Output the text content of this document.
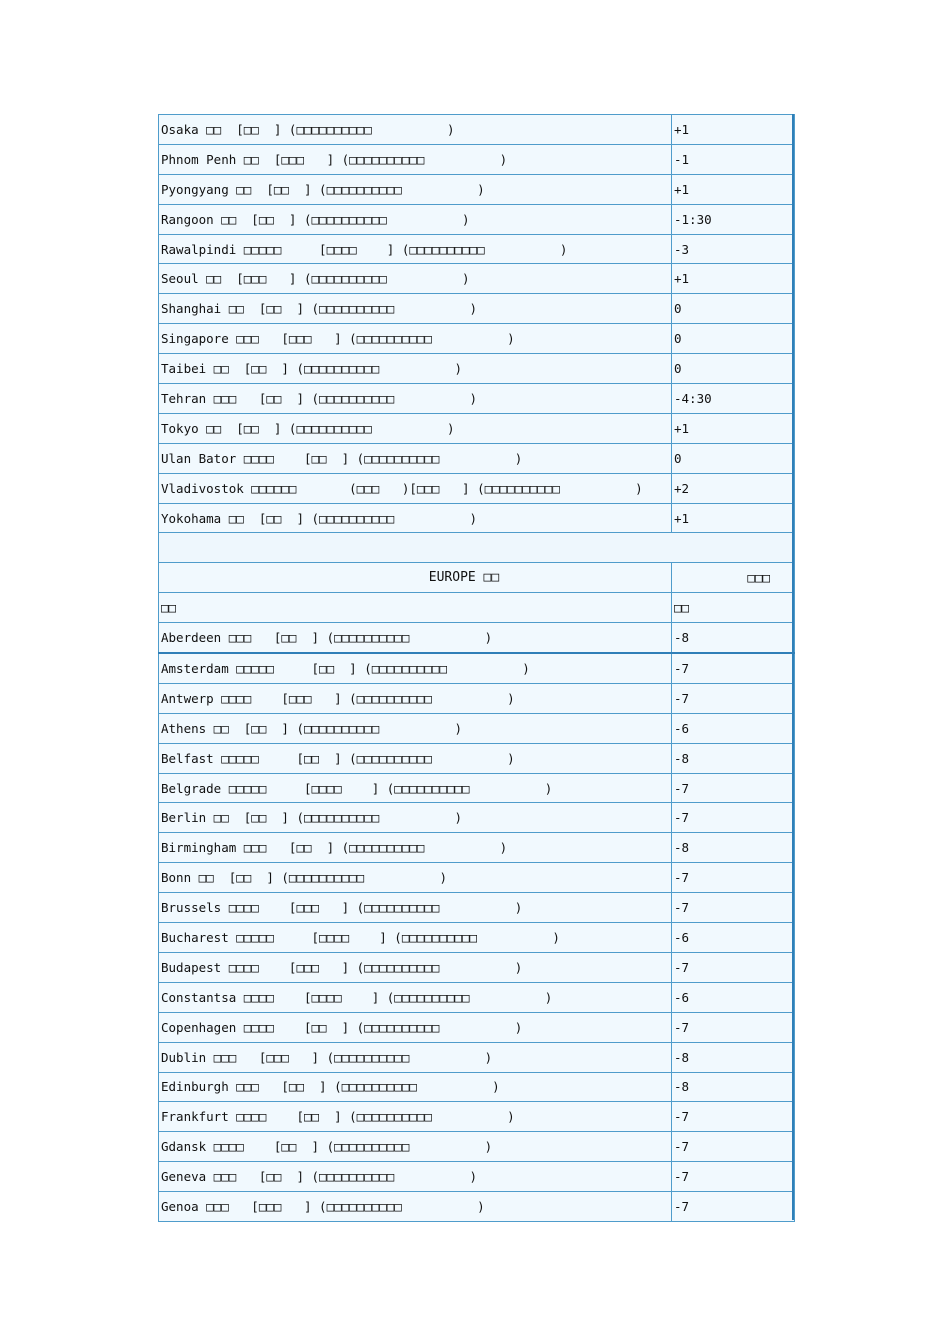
Osaka □□  [□□  ] (□□□□□□□□□□          )	+1
Phnom Penh □□  [□□□   ] (□□□□□□□□□□          )	-1
Pyongyang □□  [□□  ] (□□□□□□□□□□          )	+1
Rangoon □□  [□□  ] (□□□□□□□□□□          )	-1:30
Rawalpindi □□□□□     [□□□□    ] (□□□□□□□□□□          )	-3
Seoul □□  [□□□   ] (□□□□□□□□□□          )	+1
Shanghai □□  [□□  ] (□□□□□□□□□□          )	0
Singapore □□□   [□□□   ] (□□□□□□□□□□          )	0
Taibei □□  [□□  ] (□□□□□□□□□□          )	0
Tehran □□□   [□□  ] (□□□□□□□□□□          )	-4:30
Tokyo □□  [□□  ] (□□□□□□□□□□          )	+1
Ulan Bator □□□□    [□□  ] (□□□□□□□□□□          )	0
Vladivostok □□□□□□       (□□□   )[□□□   ] (□□□□□□□□□□          )	+2
Yokohama □□  [□□  ] (□□□□□□□□□□          )	+1

EUROPE □□	□□□
□□	□□
Aberdeen □□□   [□□  ] (□□□□□□□□□□          )	-8
Amsterdam □□□□□     [□□  ] (□□□□□□□□□□          )	-7
Antwerp □□□□    [□□□   ] (□□□□□□□□□□          )	-7
Athens □□  [□□  ] (□□□□□□□□□□          )	-6
Belfast □□□□□     [□□  ] (□□□□□□□□□□          )	-8
Belgrade □□□□□     [□□□□    ] (□□□□□□□□□□          )	-7
Berlin □□  [□□  ] (□□□□□□□□□□          )	-7
Birmingham □□□   [□□  ] (□□□□□□□□□□          )	-8
Bonn □□  [□□  ] (□□□□□□□□□□          )	-7
Brussels □□□□    [□□□   ] (□□□□□□□□□□          )	-7
Bucharest □□□□□     [□□□□    ] (□□□□□□□□□□          )	-6
Budapest □□□□    [□□□   ] (□□□□□□□□□□          )	-7
Constantsa □□□□    [□□□□    ] (□□□□□□□□□□          )	-6
Copenhagen □□□□    [□□  ] (□□□□□□□□□□          )	-7
Dublin □□□   [□□□   ] (□□□□□□□□□□          )	-8
Edinburgh □□□   [□□  ] (□□□□□□□□□□          )	-8
Frankfurt □□□□    [□□  ] (□□□□□□□□□□          )	-7
Gdansk □□□□    [□□  ] (□□□□□□□□□□          )	-7
Geneva □□□   [□□  ] (□□□□□□□□□□          )	-7
Genoa □□□   [□□□   ] (□□□□□□□□□□          )	-7
